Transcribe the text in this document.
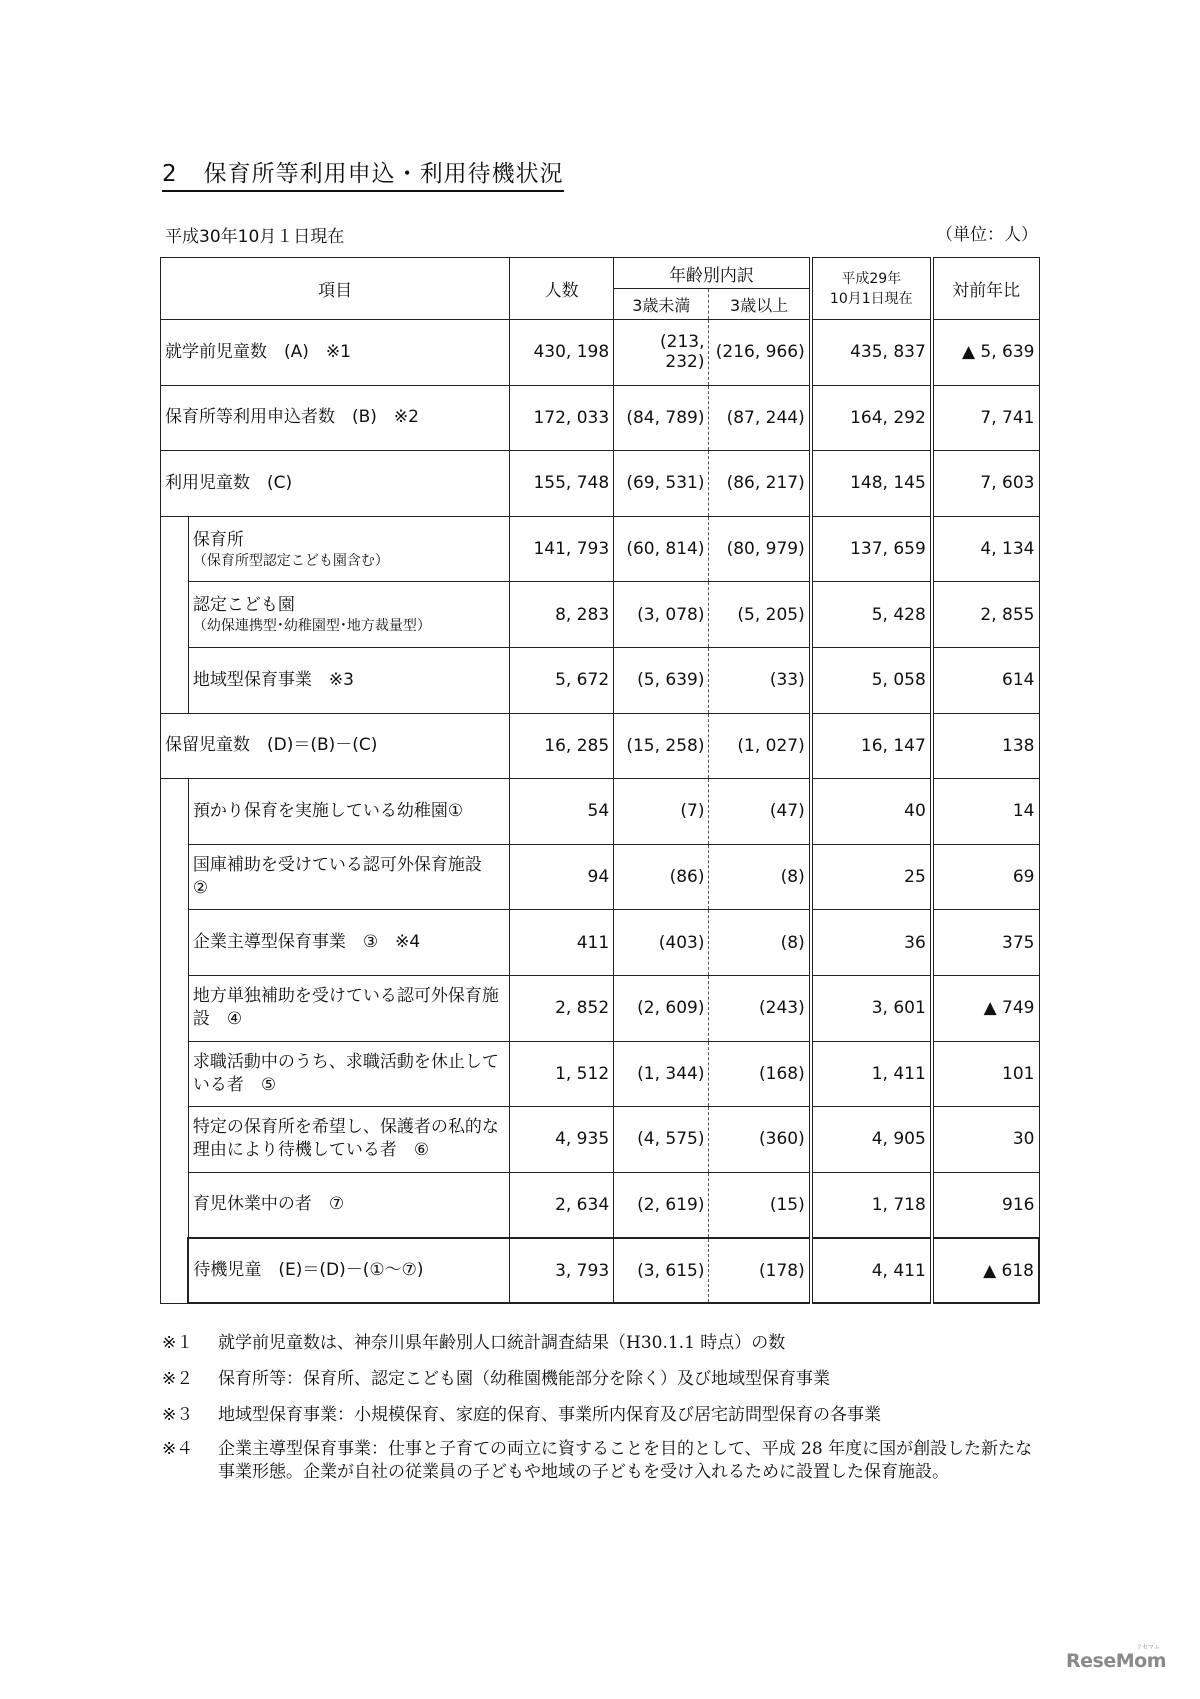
2 保育所等利用申込・利用待機状況
平成30年10月１日現在	（単位：人）
項目		人数	年齢別内訳		平成29年
10月1日現在	対前年比
			3歳未満	3歳以上		
就学前児童数　(A)　※1		430, 198	(213, 232)	(216, 966)	435, 837	▲ 5, 639
保育所等利用申込者数　(B)　※2		172, 033	(84, 789)	(87, 244)	164, 292	7, 741
利用児童数　(C)		155, 748	(69, 531)	(86, 217)	148, 145	7, 603
	保育所
（保育所型認定こども園含む）	141, 793	(60, 814)	(80, 979)	137, 659	4, 134
	認定こども園
（幼保連携型･幼稚園型･地方裁量型）	8, 283	(3, 078)	(5, 205)	5, 428	2, 855
	地域型保育事業　※3	5, 672	(5, 639)	(33)	5, 058	614
保留児童数　(D)＝(B)－(C)		16, 285	(15, 258)	(1, 027)	16, 147	138
	預かり保育を実施している幼稚園①	54	(7)	(47)	40	14
	国庫補助を受けている認可外保育施設　②	94	(86)	(8)	25	69
	企業主導型保育事業　③　※4	411	(403)	(8)	36	375
	地方単独補助を受けている認可外保育施設　④	2, 852	(2, 609)	(243)	3, 601	▲ 749
	求職活動中のうち、求職活動を休止している者　⑤	1, 512	(1, 344)	(168)	1, 411	101
	特定の保育所を希望し、保護者の私的な理由により待機している者　⑥	4, 935	(4, 575)	(360)	4, 905	30
	育児休業中の者　⑦	2, 634	(2, 619)	(15)	1, 718	916
	待機児童　(E)＝(D)－(①～⑦)	3, 793	(3, 615)	(178)	4, 411	▲ 618
※１	就学前児童数は、神奈川県年齢別人口統計調査結果（H30.1.1 時点）の数
※２	保育所等：保育所、認定こども園（幼稚園機能部分を除く）及び地域型保育事業
※３	地域型保育事業：小規模保育、家庭的保育、事業所内保育及び居宅訪問型保育の各事業
※４	企業主導型保育事業：仕事と子育ての両立に資することを目的として、平成 28 年度に国が創設した新たな事業形態。企業が自社の従業員の子どもや地域の子どもを受け入れるために設置した保育施設。
リセマム
ReseMom
